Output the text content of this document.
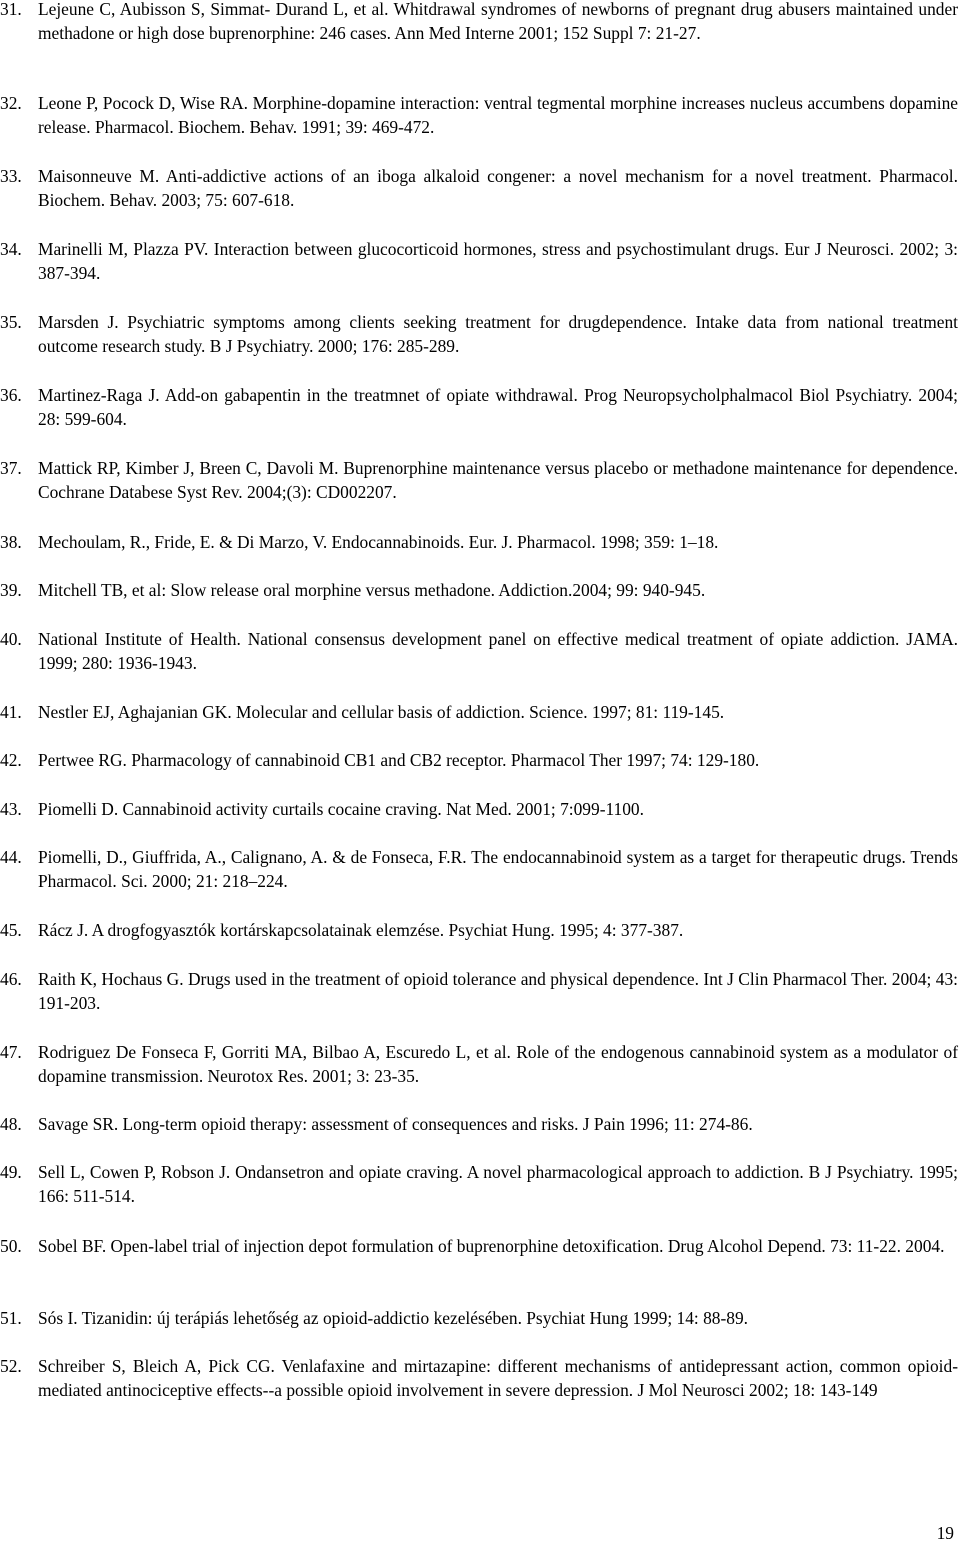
31. Lejeune C, Aubisson S, Simmat- Durand L, et al. Whitdrawal syndromes of newborns of pregnant drug abusers maintained under methadone or high dose buprenorphine: 246 cases. Ann Med Interne 2001; 152 Suppl 7: 21-27.
32. Leone P, Pocock D, Wise RA. Morphine-dopamine interaction: ventral tegmental morphine increases nucleus accumbens dopamine release. Pharmacol. Biochem. Behav. 1991; 39: 469-472.
33. Maisonneuve M. Anti-addictive actions of an iboga alkaloid congener: a novel mechanism for a novel treatment. Pharmacol. Biochem. Behav. 2003; 75: 607-618.
34. Marinelli M, Plazza PV. Interaction between glucocorticoid hormones, stress and psychostimulant drugs. Eur J Neurosci. 2002; 3: 387-394.
35. Marsden J. Psychiatric symptoms among clients seeking treatment for drugdependence. Intake data from national treatment outcome research study. B J Psychiatry. 2000; 176: 285-289.
36. Martinez-Raga J. Add-on gabapentin in the treatmnet of opiate withdrawal. Prog Neuropsycholphalmacol Biol Psychiatry. 2004; 28: 599-604.
37. Mattick RP, Kimber J, Breen C, Davoli M. Buprenorphine maintenance versus placebo or methadone maintenance for dependence. Cochrane Databese Syst Rev. 2004;(3): CD002207.
38. Mechoulam, R., Fride, E. & Di Marzo, V. Endocannabinoids. Eur. J. Pharmacol. 1998; 359: 1–18.
39. Mitchell TB, et al: Slow release oral morphine versus methadone. Addiction.2004; 99: 940-945.
40. National Institute of Health. National consensus development panel on effective medical treatment of opiate addiction. JAMA. 1999; 280: 1936-1943.
41. Nestler EJ, Aghajanian GK. Molecular and cellular basis of addiction. Science. 1997; 81: 119-145.
42. Pertwee RG. Pharmacology of cannabinoid CB1 and CB2 receptor. Pharmacol Ther 1997; 74: 129-180.
43. Piomelli D. Cannabinoid activity curtails cocaine craving. Nat Med. 2001; 7:099-1100.
44. Piomelli, D., Giuffrida, A., Calignano, A. & de Fonseca, F.R. The endocannabinoid system as a target for therapeutic drugs. Trends Pharmacol. Sci. 2000; 21: 218–224.
45. Rácz J. A drogfogyasztók kortárskapcsolatainak elemzése. Psychiat Hung. 1995; 4: 377-387.
46. Raith K, Hochaus G. Drugs used in the treatment of opioid tolerance and physical dependence. Int J Clin Pharmacol Ther. 2004; 43: 191-203.
47. Rodriguez De Fonseca F, Gorriti MA, Bilbao A, Escuredo L, et al. Role of the endogenous cannabinoid system as a modulator of dopamine transmission. Neurotox Res. 2001; 3: 23-35.
48. Savage SR. Long-term opioid therapy: assessment of consequences and risks. J Pain 1996; 11: 274-86.
49. Sell L, Cowen P, Robson J. Ondansetron and opiate craving. A novel pharmacological approach to addiction. B J Psychiatry. 1995; 166: 511-514.
50. Sobel BF. Open-label trial of injection depot formulation of buprenorphine detoxification. Drug Alcohol Depend. 73: 11-22. 2004.
51. Sós I. Tizanidin: új terápiás lehetőség az opioid-addictio kezelésében. Psychiat Hung 1999; 14: 88-89.
52. Schreiber S, Bleich A, Pick CG. Venlafaxine and mirtazapine: different mechanisms of antidepressant action, common opioid-mediated antinociceptive effects--a possible opioid involvement in severe depression. J Mol Neurosci 2002; 18: 143-149
19
